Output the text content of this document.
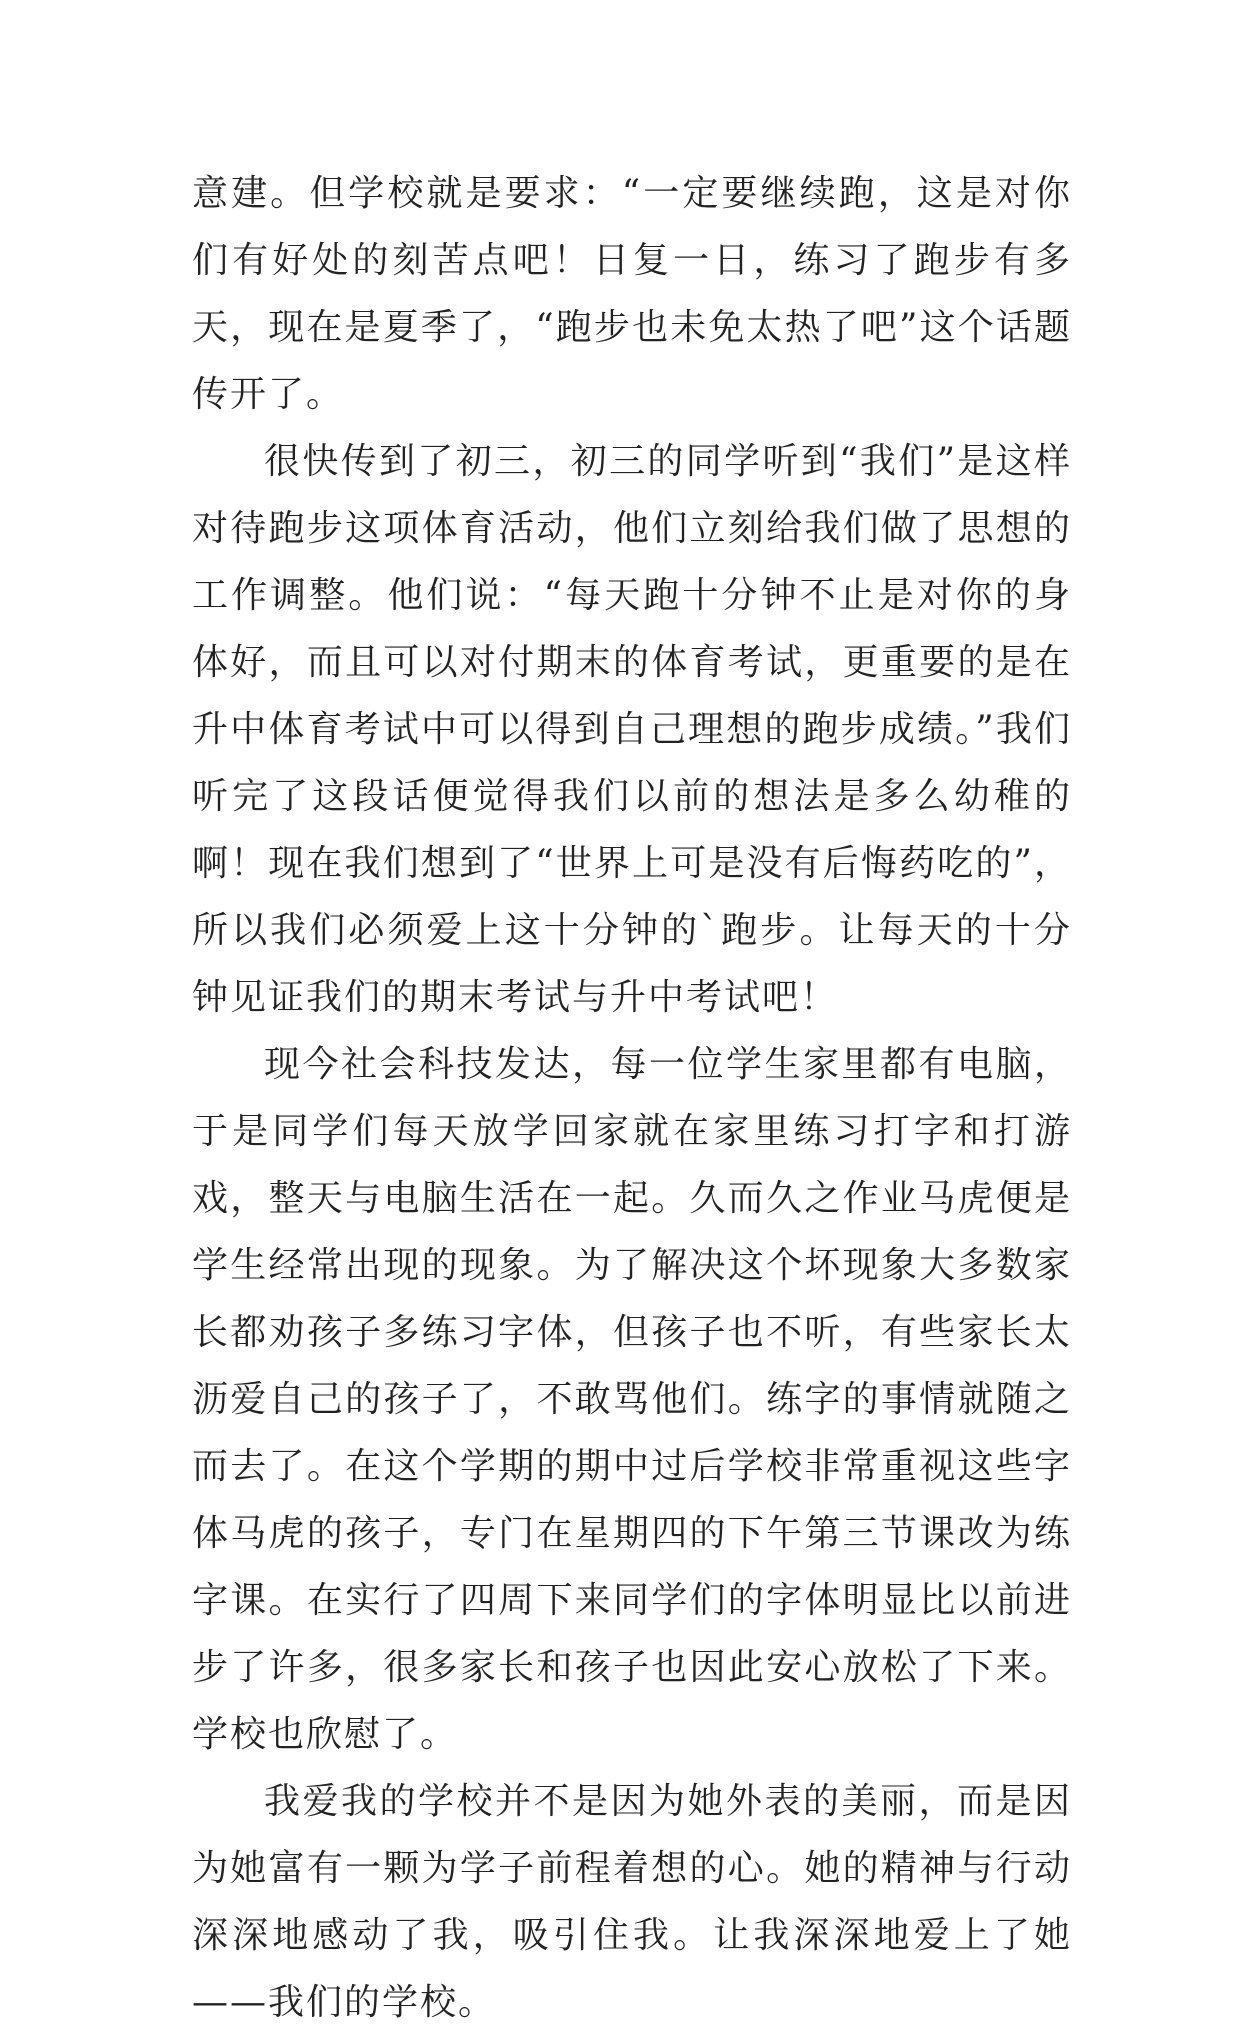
意建。但学校就是要求：“一定要继续跑，这是对你们有好处的刻苦点吧！日复一日，练习了跑步有多天，现在是夏季了，“跑步也未免太热了吧”这个话题传开了。

很快传到了初三，初三的同学听到“我们”是这样对待跑步这项体育活动，他们立刻给我们做了思想的工作调整。他们说：“每天跑十分钟不止是对你的身体好，而且可以对付期末的体育考试，更重要的是在升中体育考试中可以得到自己理想的跑步成绩。”我们听完了这段话便觉得我们以前的想法是多么幼稚的啊！现在我们想到了“世界上可是没有后悔药吃的”，所以我们必须爱上这十分钟的`跑步。让每天的十分钟见证我们的期末考试与升中考试吧！

现今社会科技发达，每一位学生家里都有电脑，于是同学们每天放学回家就在家里练习打字和打游戏，整天与电脑生活在一起。久而久之作业马虎便是学生经常出现的现象。为了解决这个坏现象大多数家长都劝孩子多练习字体，但孩子也不听，有些家长太沥爱自己的孩子了，不敢骂他们。练字的事情就随之而去了。在这个学期的期中过后学校非常重视这些字体马虎的孩子，专门在星期四的下午第三节课改为练字课。在实行了四周下来同学们的字体明显比以前进步了许多，很多家长和孩子也因此安心放松了下来。学校也欣慰了。

我爱我的学校并不是因为她外表的美丽，而是因为她富有一颗为学子前程着想的心。她的精神与行动深深地感动了我，吸引住我。让我深深地爱上了她——我们的学校。
